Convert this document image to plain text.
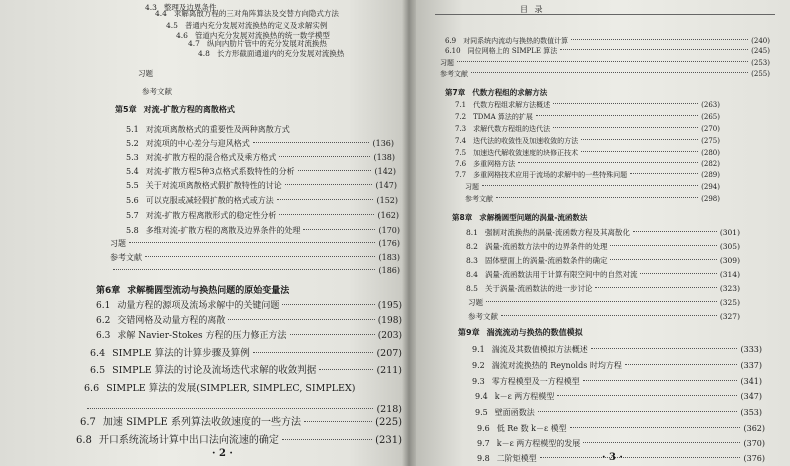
目 录
4.3 整理及边界条件
4.4 求解离散方程的三对角阵算法及交替方向隐式方法
4.5 普通内充分发展对流换热的定义及求解实例
4.6 管道内充分发展对流换热的统一数学模型
4.7 纵向内肋片管中的充分发展对流换热
4.8 长方形截面通道内的充分发展对流换热
习题
参考文献
第5章 对流-扩散方程的离散格式
5.1 对流项离散格式的重要性及两种离散方式
5.2 对流项的中心差分与迎风格式	(136)
5.3 对流-扩散方程的混合格式及乘方格式	(138)
5.4 对流-扩散方程5种3点格式系数特性的分析	(142)
5.5 关于对流项离散格式假扩散特性的讨论	(147)
5.6 可以克服或减轻假扩散的格式或方法	(152)
5.7 对流-扩散方程离散形式的稳定性分析	(162)
5.8 多维对流-扩散方程的离散及边界条件的处理	(170)
习题	(176)
参考文献	(183)
(186)
第6章 求解椭圆型流动与换热问题的原始变量法
6.1 动量方程的源项及流场求解中的关键问题	(195)
6.2 交错网格及动量方程的离散	(198)
6.3 求解 Navier-Stokes 方程的压力修正方法	(203)
6.4 SIMPLE 算法的计算步骤及算例	(207)
6.5 SIMPLE 算法的讨论及流场迭代求解的收敛判据	(211)
6.6 SIMPLE 算法的发展(SIMPLER, SIMPLEC, SIMPLEX)
(218)
6.7 加速 SIMPLE 系列算法收敛速度的一些方法	(225)
6.8 开口系统流场计算中出口法向流速的确定	(231)
6.9 对同系统内流动与换热的数值计算	(240)
6.10 同位网格上的 SIMPLE 算法	(245)
习题	(253)
参考文献	(255)
第7章 代数方程组的求解方法
7.1 代数方程组求解方法概述	(263)
7.2 TDMA 算法的扩展	(265)
7.3 求解代数方程组的迭代法	(270)
7.4 迭代法的收敛性及加速收敛的方法	(275)
7.5 加速迭代解收敛速度的块修正技术	(280)
7.6 多重网格方法	(282)
7.7 多重网格技术应用于流场的求解中的一些特殊问题	(289)
习题	(294)
参考文献	(298)
第8章 求解椭圆型问题的涡量-流函数法
8.1 强制对流换热的涡量-流函数方程及其离散化	(301)
8.2 涡量-流函数方法中的边界条件的处理	(305)
8.3 固体壁面上的涡量-流函数条件的确定	(309)
8.4 涡量-流函数法用于计算有限空间中的自然对流	(314)
8.5 关于涡量-流函数法的进一步讨论	(323)
习题	(325)
参考文献	(327)
第9章 湍流流动与换热的数值模拟
9.1 湍流及其数值模拟方法概述	(333)
9.2 湍流对流换热的 Reynolds 时均方程	(337)
9.3 零方程模型及一方程模型	(341)
9.4 k－ε 两方程模型	(347)
9.5 壁面函数法	(353)
9.6 低 Re 数 k－ε 模型	(362)
9.7 k－ε 两方程模型的发展	(370)
9.8 二阶矩模型	(376)
· 2 ·	· 3 ·
